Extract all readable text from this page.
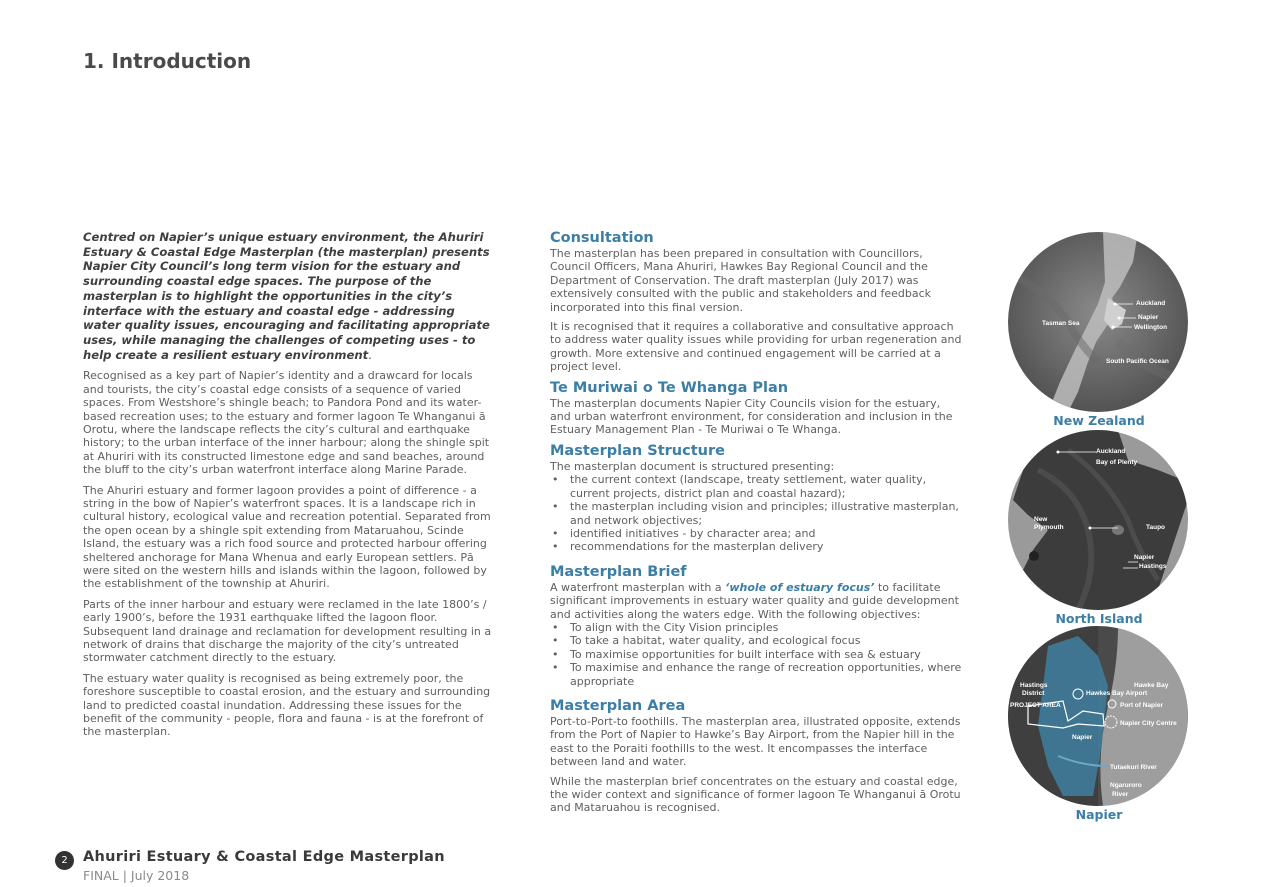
1. Introduction

Centred on Napier’s unique estuary environment, the Ahuriri Estuary & Coastal Edge Masterplan (the masterplan) presents Napier City Council’s long term vision for the estuary and surrounding coastal edge spaces. The purpose of the masterplan is to highlight the opportunities in the city’s interface with the estuary and coastal edge - addressing water quality issues, encouraging and facilitating appropriate uses, while managing the challenges of competing uses - to help create a resilient estuary environment.

Recognised as a key part of Napier’s identity and a drawcard for locals and tourists, the city’s coastal edge consists of a sequence of varied spaces. From Westshore’s shingle beach; to Pandora Pond and its water-based recreation uses; to the estuary and former lagoon Te Whanganui ā Orotu, where the landscape reflects the city’s cultural and earthquake history; to the urban interface of the inner harbour; along the shingle spit at Ahuriri with its constructed limestone edge and sand beaches, around the bluff to the city’s urban waterfront interface along Marine Parade.

The Ahuriri estuary and former lagoon provides a point of difference - a string in the bow of Napier’s waterfront spaces. It is a landscape rich in cultural history, ecological value and recreation potential. Separated from the open ocean by a shingle spit extending from Mataruahou, Scinde Island, the estuary was a rich food source and protected harbour offering sheltered anchorage for Mana Whenua and early European settlers. Pā were sited on the western hills and islands within the lagoon, followed by the establishment of the township at Ahuriri.

Parts of the inner harbour and estuary were reclamed in the late 1800’s / early 1900’s, before the 1931 earthquake lifted the lagoon floor. Subsequent land drainage and reclamation for development resulting in a network of drains that discharge the majority of the city’s untreated stormwater catchment directly to the estuary.

The estuary water quality is recognised as being extremely poor, the foreshore susceptible to coastal erosion, and the estuary and surrounding land to predicted coastal inundation. Addressing these issues for the benefit of the community - people, flora and fauna - is at the forefront of the masterplan.

Consultation

The masterplan has been prepared in consultation with Councillors, Council Officers, Mana Ahuriri, Hawkes Bay Regional Council and the Department of Conservation. The draft masterplan (July 2017) was extensively consulted with the public and stakeholders and feedback incorporated into this final version.

It is recognised that it requires a collaborative and consultative approach to address water quality issues while providing for urban regeneration and growth. More extensive and continued engagement will be carried at a project level.

Te Muriwai o Te Whanga Plan

The masterplan documents Napier City Councils vision for the estuary, and urban waterfront environment, for consideration and inclusion in the Estuary Management Plan - Te Muriwai o Te Whanga.

Masterplan Structure

The masterplan document is structured presenting:

• the current context (landscape, treaty settlement, water quality, current projects, district plan and coastal hazard);
• the masterplan including vision and principles; illustrative masterplan, and network objectives;
• identified initiatives - by character area; and
• recommendations for the masterplan delivery
Masterplan Brief

A waterfront masterplan with a ‘whole of estuary focus’ to facilitate significant improvements in estuary water quality and guide development and activities along the waters edge. With the following objectives:

• To align with the City Vision principles
• To take a habitat, water quality, and ecological focus
• To maximise opportunities for built interface with sea & estuary
• To maximise and enhance the range of recreation opportunities, where appropriate
Masterplan Area

Port-to-Port-to foothills. The masterplan area, illustrated opposite, extends from the Port of Napier to Hawke’s Bay Airport, from the Napier hill in the east to the Poraiti foothills to the west. It encompasses the interface between land and water.

While the masterplan brief concentrates on the estuary and coastal edge, the wider context and significance of former lagoon Te Whanganui ā Orotu and Mataruahou is recognised.

Auckland
Napier
Wellington
Tasman Sea
South Pacific Ocean
New Zealand
Auckland
Bay of Plenty
New
Plymouth	Taupo
Napier
Hastings
North Island
Hastings
District
PROJECT AREA
Hawkes Bay Airport
Hawke Bay
Port of Napier
Napier City Centre
Napier
Tutaekuri River
Ngaruroro
River
Napier
2	Ahuriri Estuary & Coastal Edge Masterplan
FINAL | July 2018
